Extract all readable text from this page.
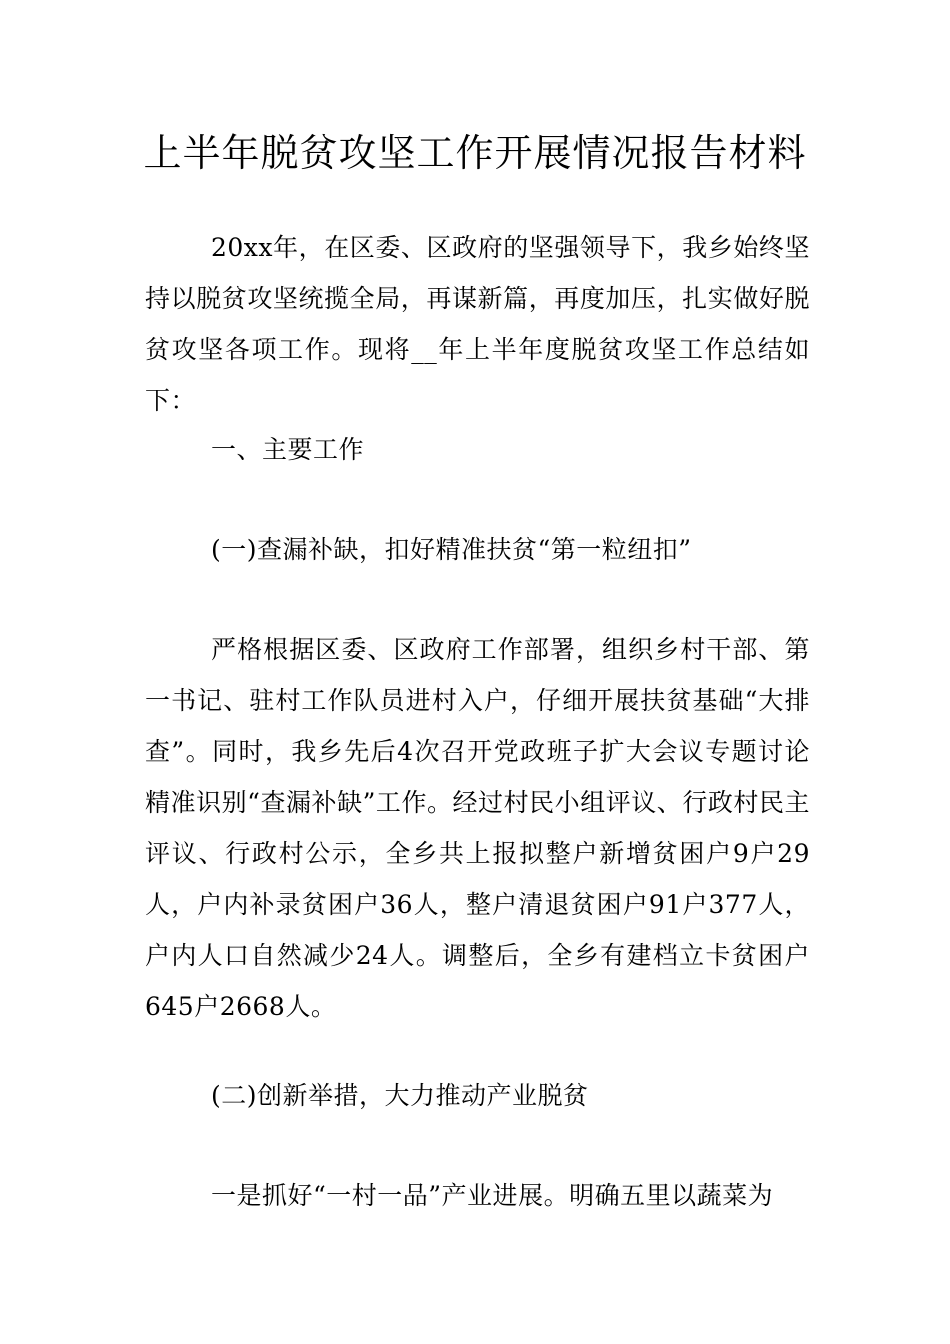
上半年脱贫攻坚工作开展情况报告材料

20xx年，在区委、区政府的坚强领导下，我乡始终坚持以脱贫攻坚统揽全局，再谋新篇，再度加压，扎实做好脱贫攻坚各项工作。现将__年上半年度脱贫攻坚工作总结如下：

一、主要工作

(一)查漏补缺，扣好精准扶贫“第一粒纽扣”

严格根据区委、区政府工作部署，组织乡村干部、第一书记、驻村工作队员进村入户，仔细开展扶贫基础“大排查”。同时，我乡先后4次召开党政班子扩大会议专题讨论精准识别“查漏补缺”工作。经过村民小组评议、行政村民主评议、行政村公示，全乡共上报拟整户新增贫困户9户29人，户内补录贫困户36人，整户清退贫困户91户377人，户内人口自然减少24人。调整后，全乡有建档立卡贫困户645户2668人。

(二)创新举措，大力推动产业脱贫

一是抓好“一村一品”产业进展。明确五里以蔬菜为
